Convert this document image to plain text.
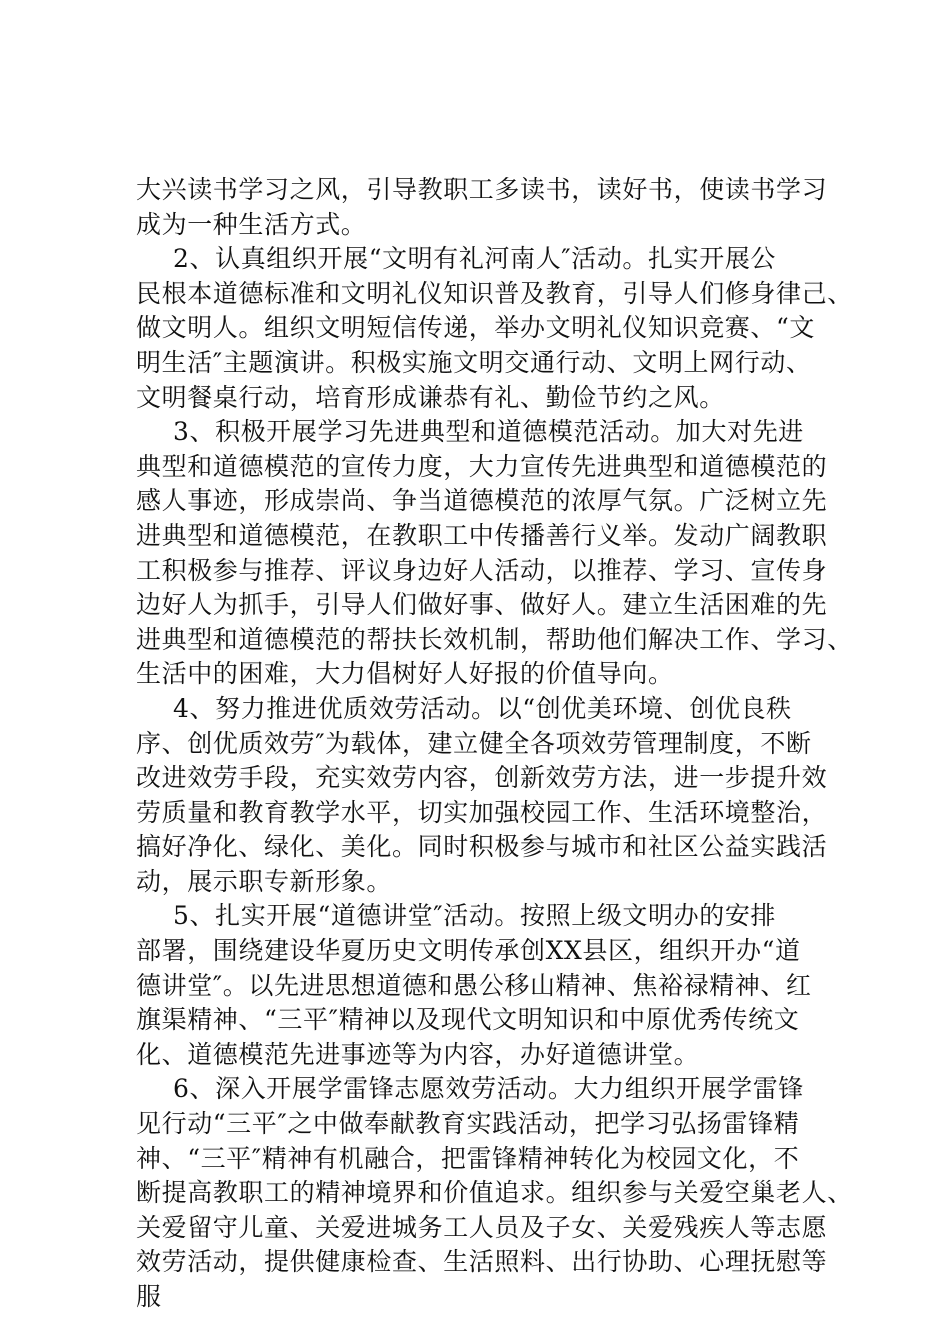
大兴读书学习之风，引导教职工多读书，读好书，使读书学习
成为一种生活方式。
2、认真组织开展“文明有礼河南人″活动。扎实开展公
民根本道德标准和文明礼仪知识普及教育，引导人们修身律己、
做文明人。组织文明短信传递，举办文明礼仪知识竞赛、“文
明生活″主题演讲。积极实施文明交通行动、文明上网行动、
文明餐桌行动，培育形成谦恭有礼、勤俭节约之风。
3、积极开展学习先进典型和道德模范活动。加大对先进
典型和道德模范的宣传力度，大力宣传先进典型和道德模范的
感人事迹，形成崇尚、争当道德模范的浓厚气氛。广泛树立先
进典型和道德模范，在教职工中传播善行义举。发动广阔教职
工积极参与推荐、评议身边好人活动，以推荐、学习、宣传身
边好人为抓手，引导人们做好事、做好人。建立生活困难的先
进典型和道德模范的帮扶长效机制，帮助他们解决工作、学习、
生活中的困难，大力倡树好人好报的价值导向。
4、努力推进优质效劳活动。以“创优美环境、创优良秩
序、创优质效劳″为载体，建立健全各项效劳管理制度，不断
改进效劳手段，充实效劳内容，创新效劳方法，进一步提升效
劳质量和教育教学水平，切实加强校园工作、生活环境整治，
搞好净化、绿化、美化。同时积极参与城市和社区公益实践活
动，展示职专新形象。
5、扎实开展“道德讲堂″活动。按照上级文明办的安排
部署，围绕建设华夏历史文明传承创XX县区，组织开办“道
德讲堂″。以先进思想道德和愚公移山精神、焦裕禄精神、红
旗渠精神、“三平″精神以及现代文明知识和中原优秀传统文
化、道德模范先进事迹等为内容，办好道德讲堂。
6、深入开展学雷锋志愿效劳活动。大力组织开展学雷锋
见行动“三平″之中做奉献教育实践活动，把学习弘扬雷锋精
神、“三平″精神有机融合，把雷锋精神转化为校园文化，不
断提高教职工的精神境界和价值追求。组织参与关爱空巢老人、
关爱留守儿童、关爱进城务工人员及子女、关爱残疾人等志愿
效劳活动，提供健康检查、生活照料、出行协助、心理抚慰等
服
